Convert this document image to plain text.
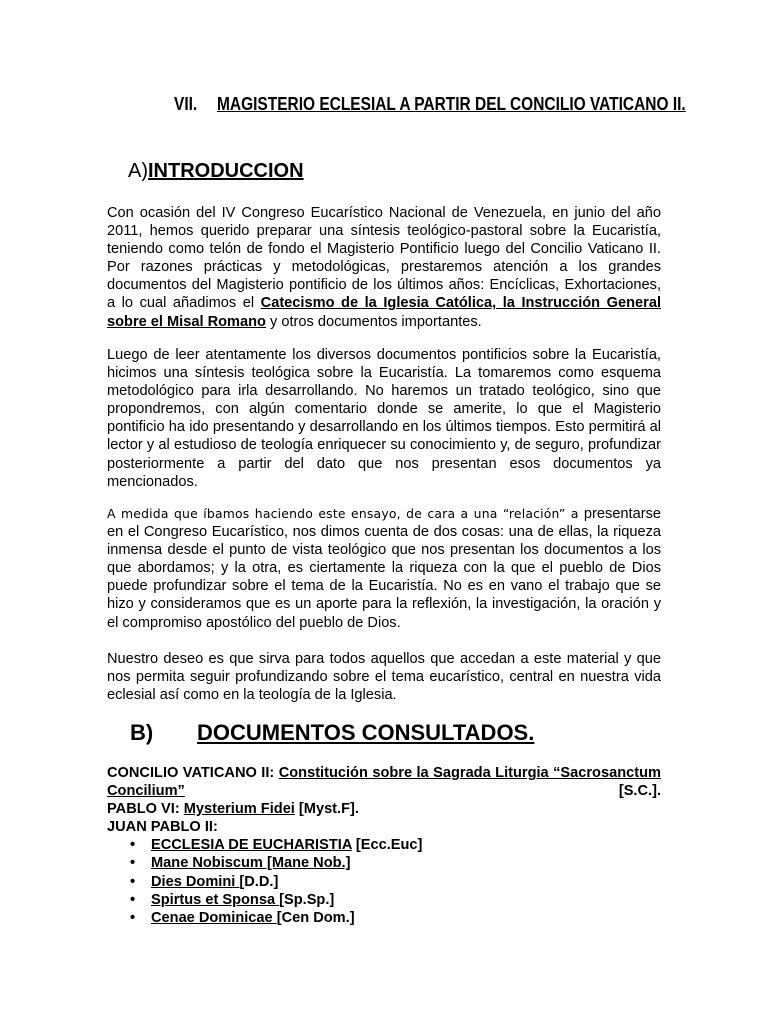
VII. MAGISTERIO ECLESIAL A PARTIR DEL CONCILIO VATICANO II.
A)INTRODUCCION

Con ocasión del IV Congreso Eucarístico Nacional de Venezuela, en junio del año 2011, hemos querido preparar una síntesis teológico-pastoral sobre la Eucaristía, teniendo como telón de fondo el Magisterio Pontificio luego del Concilio Vaticano II. Por razones prácticas y metodológicas, prestaremos atención a los grandes documentos del Magisterio pontificio de los últimos años: Encíclicas, Exhortaciones, a lo cual añadimos el Catecismo de la Iglesia Católica, la Instrucción General sobre el Misal Romano y otros documentos importantes.

Luego de leer atentamente los diversos documentos pontificios sobre la Eucaristía, hicimos una síntesis teológica sobre la Eucaristía. La tomaremos como esquema metodológico para irla desarrollando. No haremos un tratado teológico, sino que propondremos, con algún comentario donde se amerite, lo que el Magisterio pontificio ha ido presentando y desarrollando en los últimos tiempos. Esto permitirá al lector y al estudioso de teología enriquecer su conocimiento y, de seguro, profundizar posteriormente a partir del dato que nos presentan esos documentos ya mencionados.

A medida que íbamos haciendo este ensayo, de cara a una “relación” a presentarse en el Congreso Eucarístico, nos dimos cuenta de dos cosas: una de ellas, la riqueza inmensa desde el punto de vista teológico que nos presentan los documentos a los que abordamos; y la otra, es ciertamente la riqueza con la que el pueblo de Dios puede profundizar sobre el tema de la Eucaristía. No es en vano el trabajo que se hizo y consideramos que es un aporte para la reflexión, la investigación, la oración y el compromiso apostólico del pueblo de Dios.

Nuestro deseo es que sirva para todos aquellos que accedan a este material y que nos permita seguir profundizando sobre el tema eucarístico, central en nuestra vida eclesial así como en la teología de la Iglesia.

B) DOCUMENTOS CONSULTADOS.
CONCILIO VATICANO II: Constitución sobre la Sagrada Liturgia “Sacrosanctum Concilium” [S.C.].
PABLO VI: Mysterium Fidei [Myst.F].
JUAN PABLO II:
• ECCLESIA DE EUCHARISTIA [Ecc.Euc]
• Mane Nobiscum [Mane Nob.]
• Dies Domini [D.D.]
• Spirtus et Sponsa [Sp.Sp.]
• Cenae Dominicae [Cen Dom.]
